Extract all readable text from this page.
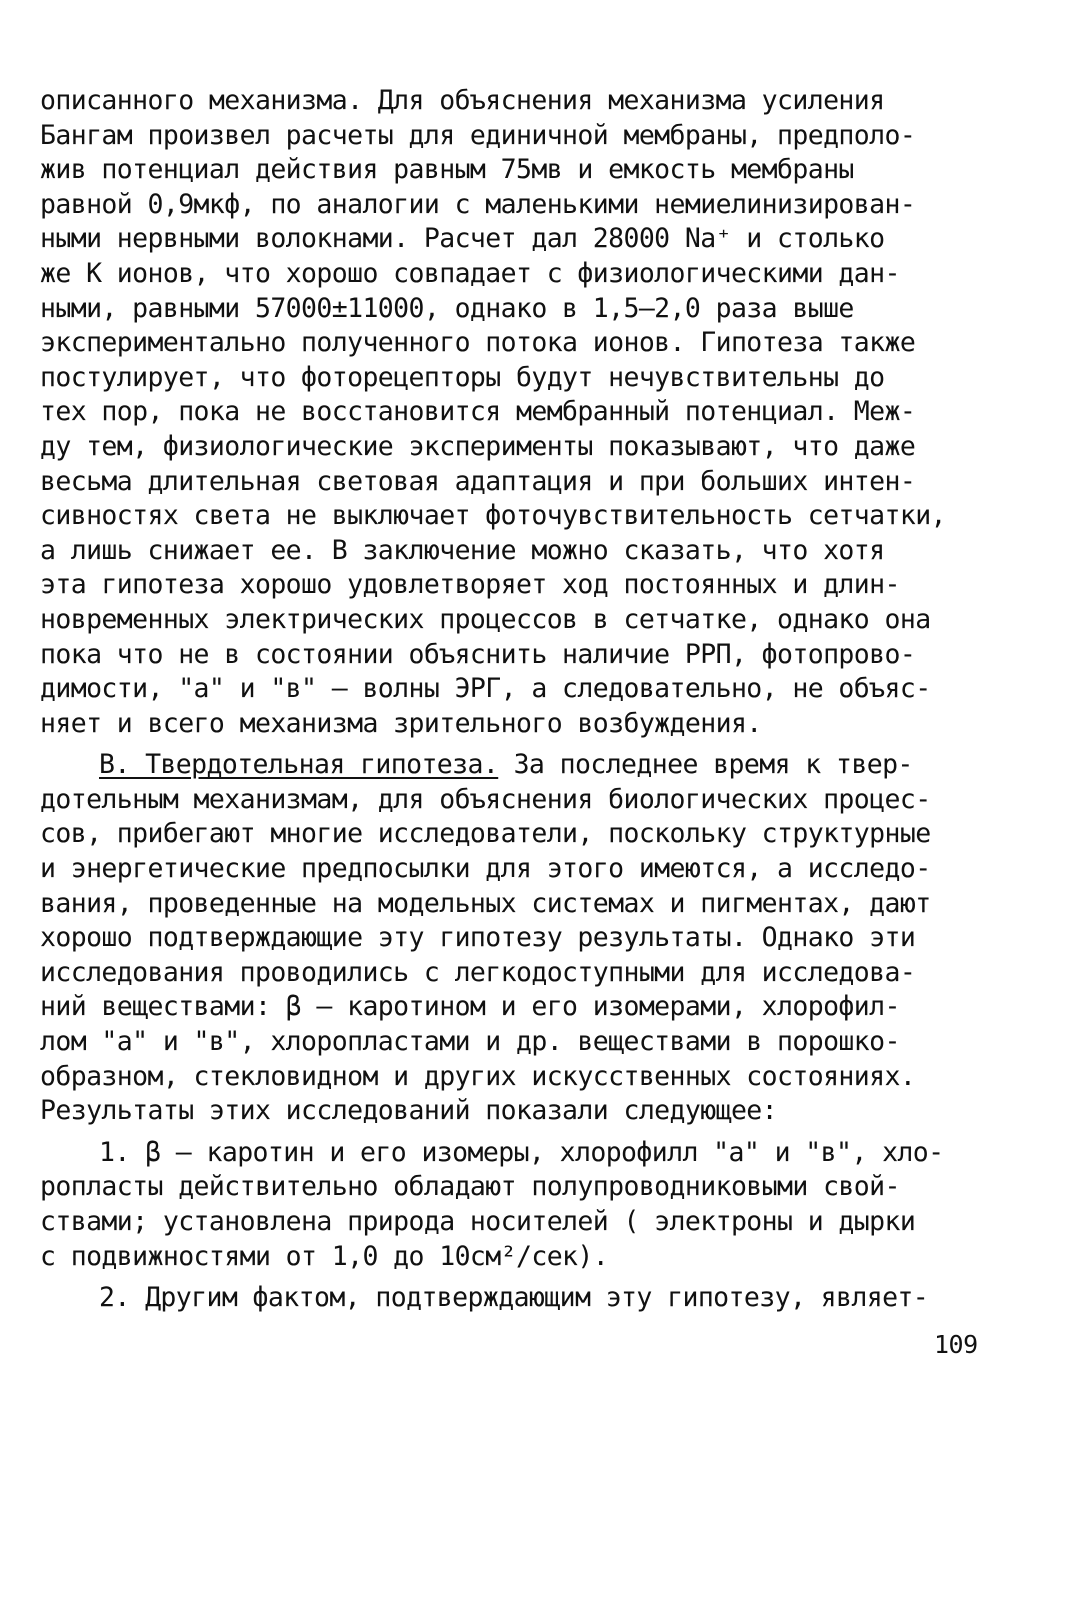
описанного механизма. Для объяснения механизма усиления
Бангам произвел расчеты для единичной мембраны, предполо-
жив потенциал действия равным 75мв и емкость мембраны
равной 0,9мкф, по аналогии с маленькими немиелинизирован-
ными нервными волокнами. Расчет дал 28000 Na⁺ и столько
же К ионов, что хорошо совпадает с физиологическими дан-
ными, равными 57000±11000, однако в 1,5–2,0 раза выше
экспериментально полученного потока ионов. Гипотеза также
постулирует, что фоторецепторы будут нечувствительны до
тех пор, пока не восстановится мембранный потенциал. Меж-
ду тем, физиологические эксперименты показывают, что даже
весьма длительная световая адаптация и при больших интен-
сивностях света не выключает фоточувствительность сетчатки,
а лишь снижает ее. В заключение можно сказать, что хотя
эта гипотеза хорошо удовлетворяет ход постоянных и длин-
новременных электрических процессов в сетчатке, однако она
пока что не в состоянии объяснить наличие РРП, фотопрово-
димости, "а" и "в" – волны ЭРГ, а следовательно, не объяс-
няет и всего механизма зрительного возбуждения.
В. Твердотельная гипотеза. За последнее время к твер-
дотельным механизмам, для объяснения биологических процес-
сов, прибегают многие исследователи, поскольку структурные
и энергетические предпосылки для этого имеются, а исследо-
вания, проведенные на модельных системах и пигментах, дают
хорошо подтверждающие эту гипотезу результаты. Однако эти
исследования проводились с легкодоступными для исследова-
ний веществами: β – каротином и его изомерами, хлорофил-
лом "а" и "в", хлоропластами и др. веществами в порошко-
образном, стекловидном и других искусственных состояниях.
Результаты этих исследований показали следующее:
1. β – каротин и его изомеры, хлорофилл "а" и "в", хло-
ропласты действительно обладают полупроводниковыми свой-
ствами; установлена природа носителей ( электроны и дырки
с подвижностями от 1,0 до 10см²/сек).
2. Другим фактом, подтверждающим эту гипотезу, являет-
109
